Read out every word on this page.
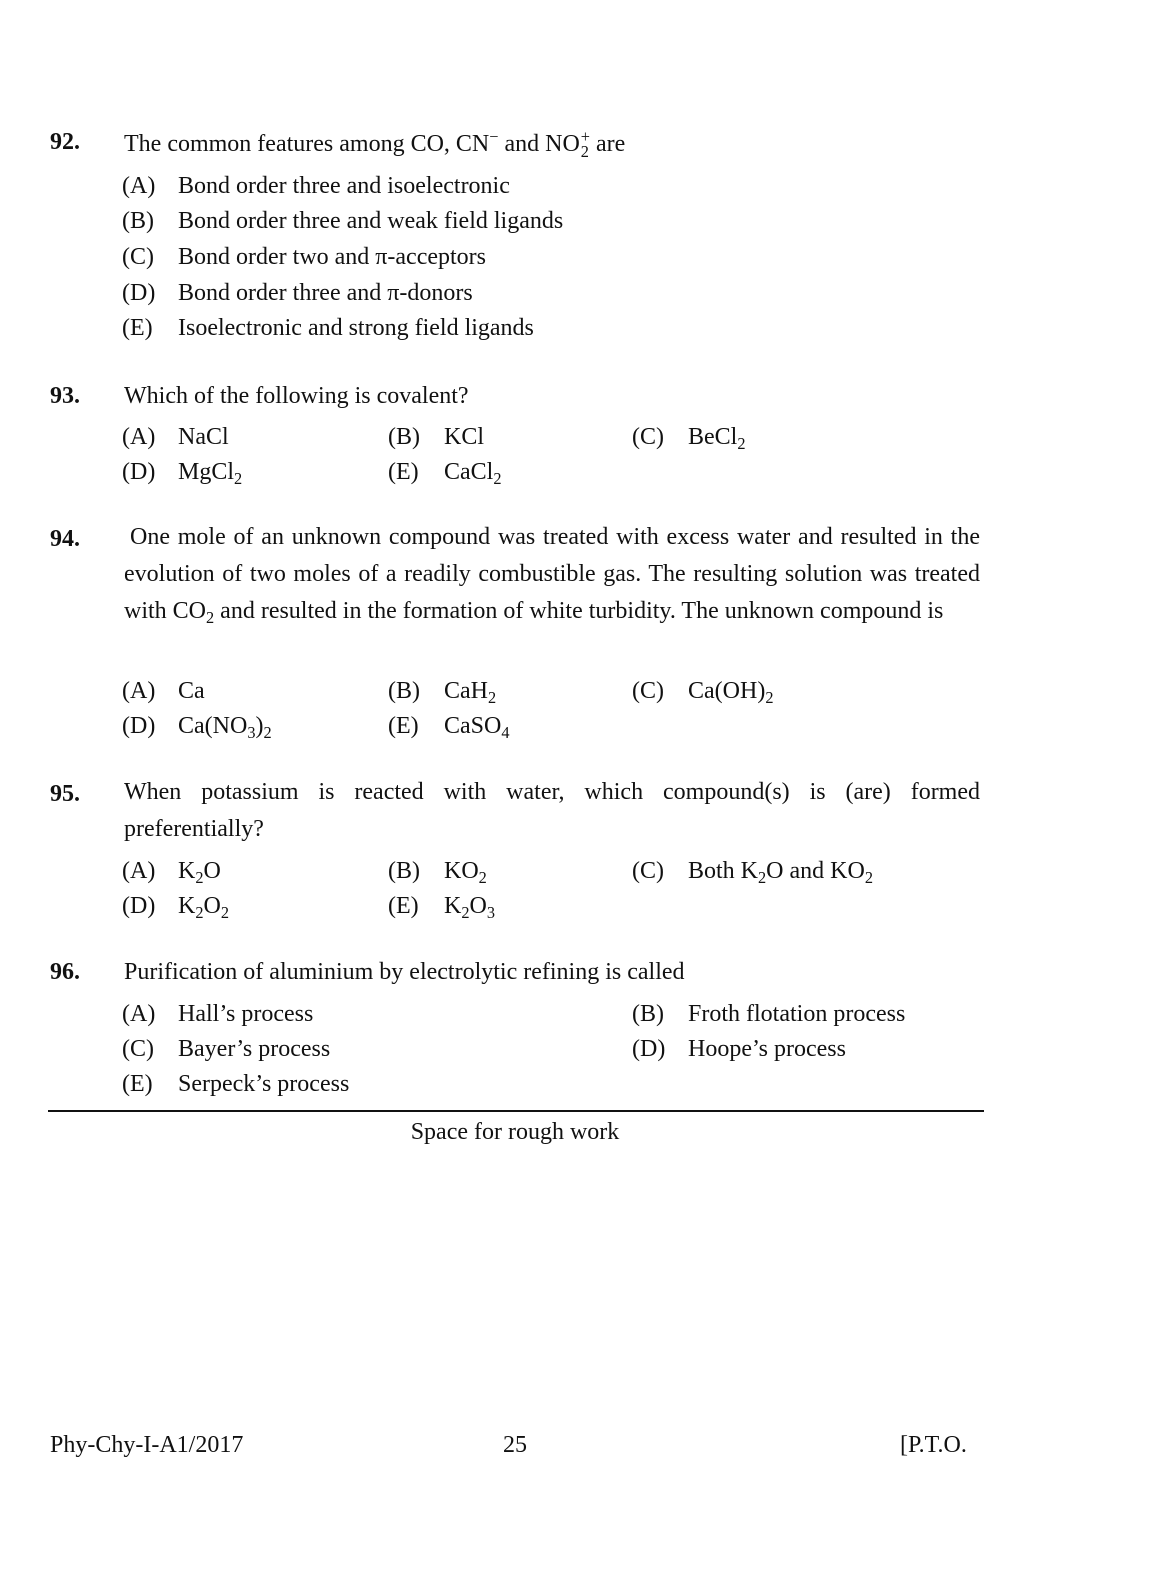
92. The common features among CO, CN− and NO +
2 are
(A) Bond order three and isoelectronic
(B) Bond order three and weak field ligands
(C) Bond order two and π-acceptors
(D) Bond order three and π-donors
(E) Isoelectronic and strong field ligands
93. Which of the following is covalent?
(A) NaCl	(B) KCl	(C) BeCl$_2$
(D) MgCl$_2$	(E) CaCl$_2$
94. One mole of an unknown compound was treated with excess water and resulted in the evolution of two moles of a readily combustible gas. The resulting solution was treated with $CO_2$ and resulted in the formation of white turbidity. The unknown compound is
(A) Ca	(B) CaH$_2$	(C) $Ca(OH)_2$
(D) $Ca(NO_3)_2$	(E) CaSO$_4$
95. When potassium is reacted with water, which compound(s) is (are) formed preferentially?
(A) $K_2O$	(B) $KO_2$	(C) Both $K_2O$ and $KO_2$
(D) $K_2O_2$	(E) $K_2O_3$
96. Purification of aluminium by electrolytic refining is called
(A) Hall’s process	(B) Froth flotation process
(C) Bayer’s process	(D) Hoope’s process
(E) Serpeck’s process
Space for rough work
Phy-Chy-I-A1/2017	25	[P.T.O.
